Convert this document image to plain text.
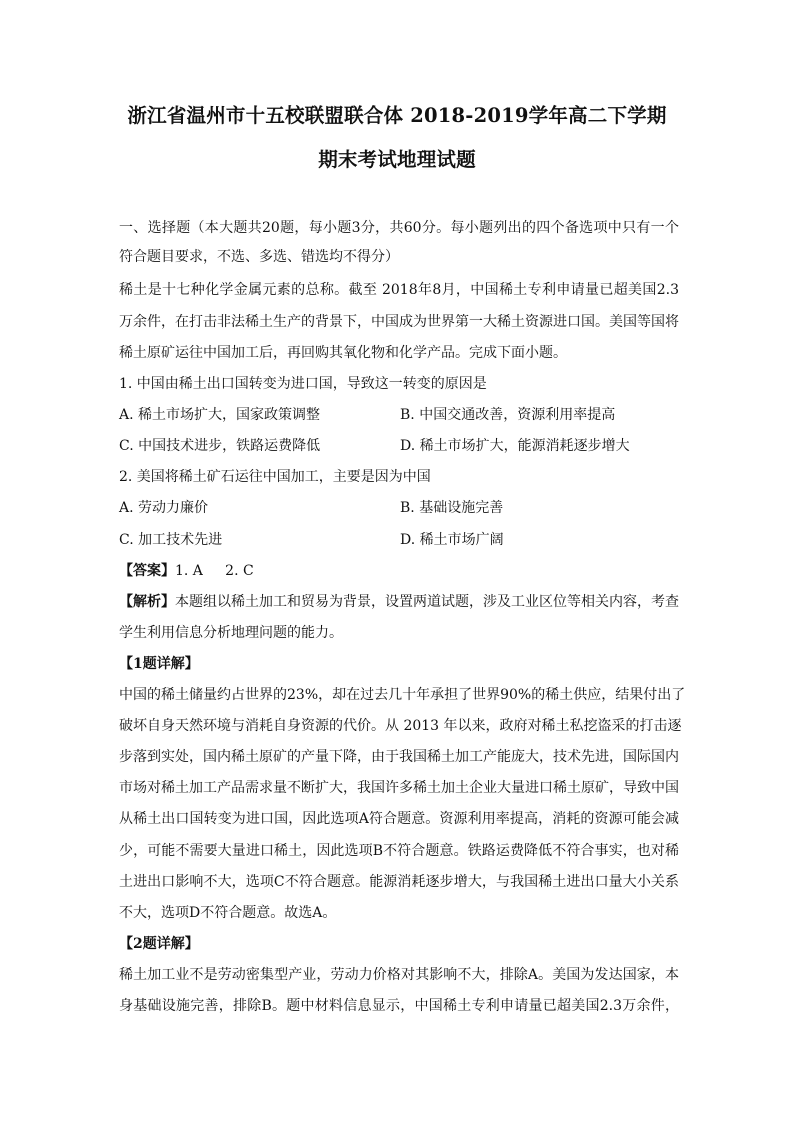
浙江省温州市十五校联盟联合体 2018-2019学年高二下学期
期末考试地理试题
一、选择题（本大题共20题，每小题3分，共60分。每小题列出的四个备选项中只有一个
符合题目要求，不选、多选、错选均不得分）
稀土是十七种化学金属元素的总称。截至 2018年8月，中国稀土专利申请量已超美国2.3
万余件，在打击非法稀土生产的背景下，中国成为世界第一大稀土资源进口国。美国等国将
稀土原矿运往中国加工后，再回购其氧化物和化学产品。完成下面小题。
1. 中国由稀土出口国转变为进口国，导致这一转变的原因是
A. 稀土市场扩大，国家政策调整	B. 中国交通改善，资源利用率提高
C. 中国技术进步，铁路运费降低	D. 稀土市场扩大，能源消耗逐步增大
2. 美国将稀土矿石运往中国加工，主要是因为中国
A. 劳动力廉价	B. 基础设施完善
C. 加工技术先进	D. 稀土市场广阔
【答案】1. A     2. C
【解析】本题组以稀土加工和贸易为背景，设置两道试题，涉及工业区位等相关内容，考查
学生利用信息分析地理问题的能力。
【1题详解】
中国的稀土储量约占世界的23%，却在过去几十年承担了世界90%的稀土供应，结果付出了
破坏自身天然环境与消耗自身资源的代价。从 2013 年以来，政府对稀土私挖盗采的打击逐
步落到实处，国内稀土原矿的产量下降，由于我国稀土加工产能庞大，技术先进，国际国内
市场对稀土加工产品需求量不断扩大，我国许多稀土加土企业大量进口稀土原矿，导致中国
从稀土出口国转变为进口国，因此选项A符合题意。资源利用率提高，消耗的资源可能会减
少，可能不需要大量进口稀土，因此选项B不符合题意。铁路运费降低不符合事实，也对稀
土进出口影响不大，选项C不符合题意。能源消耗逐步增大，与我国稀土进出口量大小关系
不大，选项D不符合题意。故选A。
【2题详解】
稀土加工业不是劳动密集型产业，劳动力价格对其影响不大，排除A。美国为发达国家，本
身基础设施完善，排除B。题中材料信息显示，中国稀土专利申请量已超美国2.3万余件，
